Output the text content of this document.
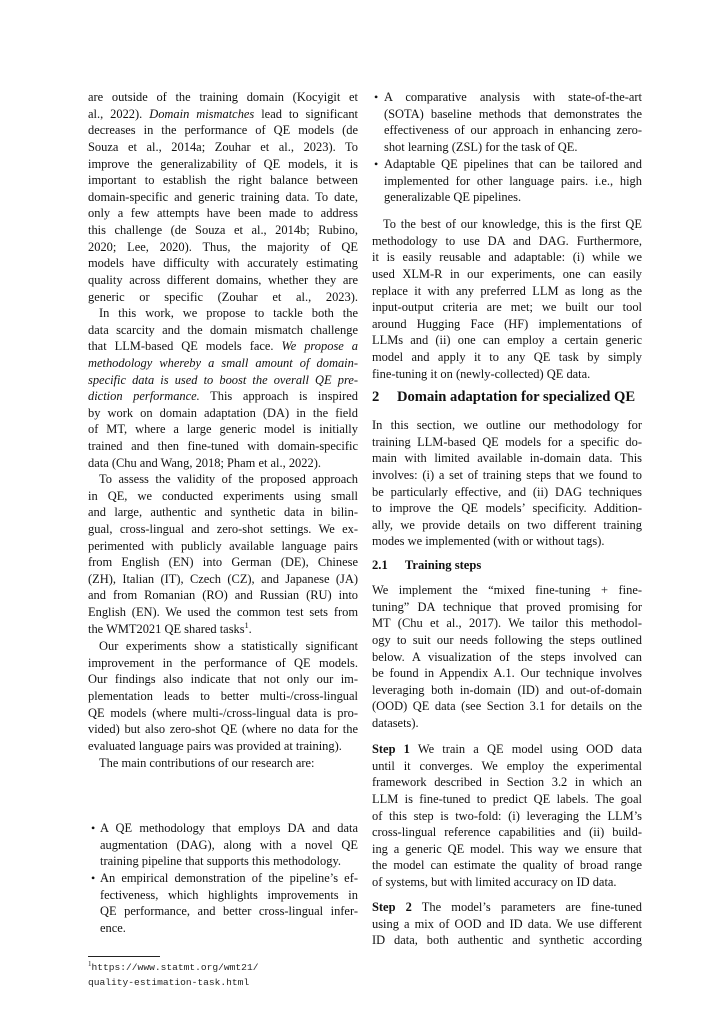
are outside of the training domain (Kocyigit et
al., 2022). Domain mismatches lead to significant
decreases in the performance of QE models (de
Souza et al., 2014a; Zouhar et al., 2023). To
improve the generalizability of QE models, it is
important to establish the right balance between
domain-specific and generic training data. To date,
only a few attempts have been made to address
this challenge (de Souza et al., 2014b; Rubino,
2020; Lee, 2020). Thus, the majority of QE
models have difficulty with accurately estimating
quality across different domains, whether they are
generic or specific (Zouhar et al., 2023).
In this work, we propose to tackle both the
data scarcity and the domain mismatch challenge
that LLM-based QE models face. We propose a
methodology whereby a small amount of domain-
specific data is used to boost the overall QE pre-
diction performance. This approach is inspired
by work on domain adaptation (DA) in the field
of MT, where a large generic model is initially
trained and then fine-tuned with domain-specific
data (Chu and Wang, 2018; Pham et al., 2022).
To assess the validity of the proposed approach
in QE, we conducted experiments using small
and large, authentic and synthetic data in bilin-
gual, cross-lingual and zero-shot settings. We ex-
perimented with publicly available language pairs
from English (EN) into German (DE), Chinese
(ZH), Italian (IT), Czech (CZ), and Japanese (JA)
and from Romanian (RO) and Russian (RU) into
English (EN). We used the common test sets from
the WMT2021 QE shared tasks$^1$.
Our experiments show a statistically significant
improvement in the performance of QE models.
Our findings also indicate that not only our im-
plementation leads to better multi-/cross-lingual
QE models (where multi-/cross-lingual data is pro-
vided) but also zero-shot QE (where no data for the
evaluated language pairs was provided at training).
The main contributions of our research are:
• A QE methodology that employs DA and data
augmentation (DAG), along with a novel QE
training pipeline that supports this methodology.
• An empirical demonstration of the pipeline’s ef-
fectiveness, which highlights improvements in
QE performance, and better cross-lingual infer-
ence.
$^1$https://www.statmt.org/wmt21/
quality-estimation-task.html
• A comparative analysis with state-of-the-art
(SOTA) baseline methods that demonstrates the
effectiveness of our approach in enhancing zero-
shot learning (ZSL) for the task of QE.
• Adaptable QE pipelines that can be tailored and
implemented for other language pairs. i.e., high
generalizable QE pipelines.
To the best of our knowledge, this is the first QE
methodology to use DA and DAG. Furthermore,
it is easily reusable and adaptable: (i) while we
used XLM-R in our experiments, one can easily
replace it with any preferred LLM as long as the
input-output criteria are met; we built our tool
around Hugging Face (HF) implementations of
LLMs and (ii) one can employ a certain generic
model and apply it to any QE task by simply
fine-tuning it on (newly-collected) QE data.
2 Domain adaptation for specialized QE
In this section, we outline our methodology for
training LLM-based QE models for a specific do-
main with limited available in-domain data. This
involves: (i) a set of training steps that we found to
be particularly effective, and (ii) DAG techniques
to improve the QE models’ specificity. Addition-
ally, we provide details on two different training
modes we implemented (with or without tags).
2.1 Training steps
We implement the “mixed fine-tuning + fine-
tuning” DA technique that proved promising for
MT (Chu et al., 2017). We tailor this methodol-
ogy to suit our needs following the steps outlined
below. A visualization of the steps involved can
be found in Appendix A.1. Our technique involves
leveraging both in-domain (ID) and out-of-domain
(OOD) QE data (see Section 3.1 for details on the
datasets).
Step 1 We train a QE model using OOD data
until it converges. We employ the experimental
framework described in Section 3.2 in which an
LLM is fine-tuned to predict QE labels. The goal
of this step is two-fold: (i) leveraging the LLM’s
cross-lingual reference capabilities and (ii) build-
ing a generic QE model. This way we ensure that
the model can estimate the quality of broad range
of systems, but with limited accuracy on ID data.
Step 2 The model’s parameters are fine-tuned
using a mix of OOD and ID data. We use different
ID data, both authentic and synthetic according
